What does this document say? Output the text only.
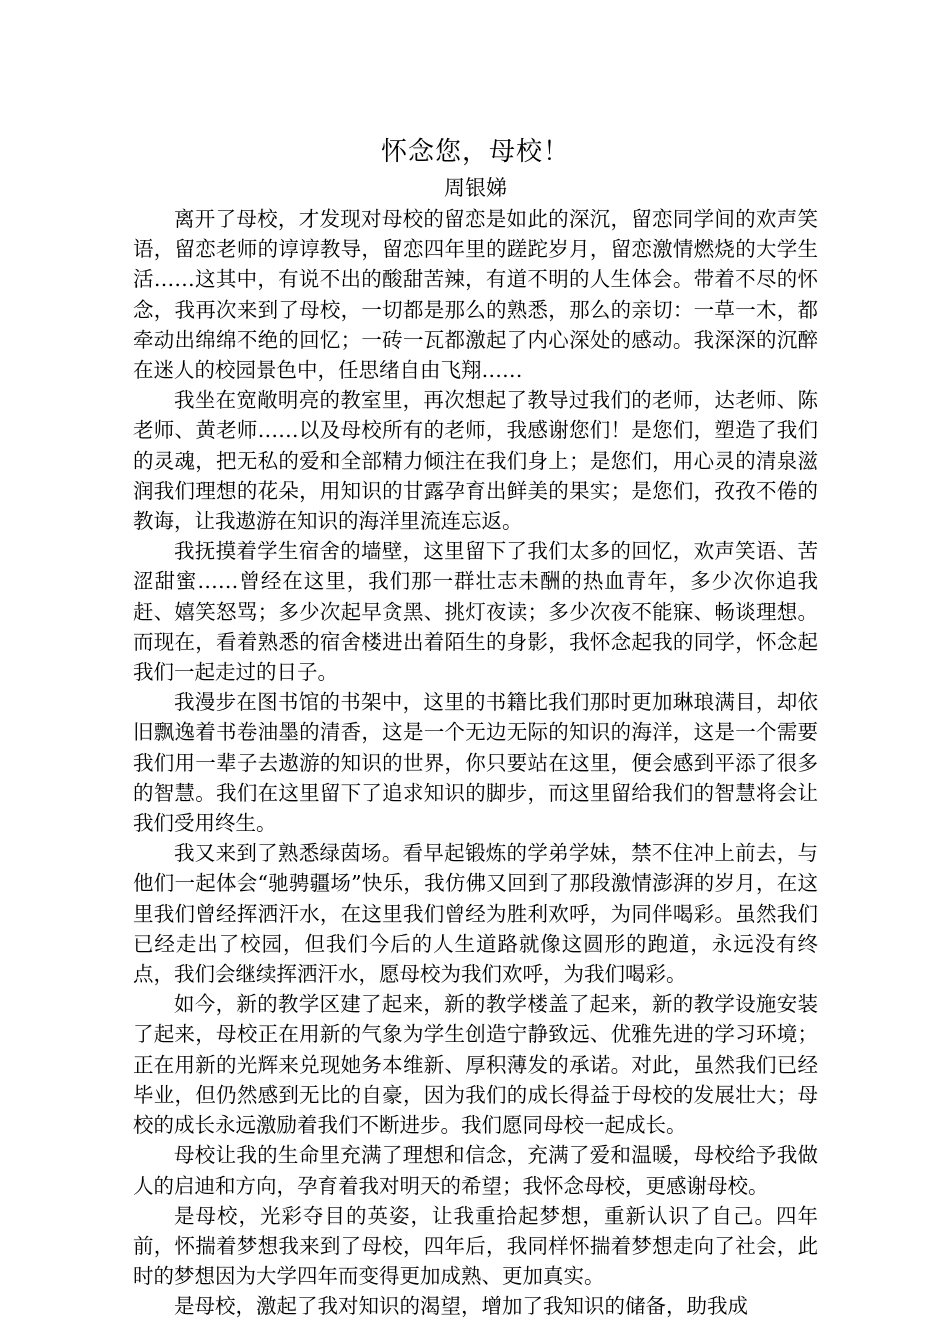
怀念您，母校！
周银娣

离开了母校，才发现对母校的留恋是如此的深沉，留恋同学间的欢声笑语，留恋老师的谆谆教导，留恋四年里的蹉跎岁月，留恋激情燃烧的大学生活……这其中，有说不出的酸甜苦辣，有道不明的人生体会。带着不尽的怀念，我再次来到了母校，一切都是那么的熟悉，那么的亲切：一草一木，都牵动出绵绵不绝的回忆；一砖一瓦都激起了内心深处的感动。我深深的沉醉在迷人的校园景色中，任思绪自由飞翔……

我坐在宽敞明亮的教室里，再次想起了教导过我们的老师，达老师、陈老师、黄老师……以及母校所有的老师，我感谢您们！是您们，塑造了我们的灵魂，把无私的爱和全部精力倾注在我们身上；是您们，用心灵的清泉滋润我们理想的花朵，用知识的甘露孕育出鲜美的果实；是您们，孜孜不倦的教诲，让我遨游在知识的海洋里流连忘返。

我抚摸着学生宿舍的墙壁，这里留下了我们太多的回忆，欢声笑语、苦涩甜蜜……曾经在这里，我们那一群壮志未酬的热血青年，多少次你追我赶、嬉笑怒骂；多少次起早贪黑、挑灯夜读；多少次夜不能寐、畅谈理想。而现在，看着熟悉的宿舍楼进出着陌生的身影，我怀念起我的同学，怀念起我们一起走过的日子。

我漫步在图书馆的书架中，这里的书籍比我们那时更加琳琅满目，却依旧飘逸着书卷油墨的清香，这是一个无边无际的知识的海洋，这是一个需要我们用一辈子去遨游的知识的世界，你只要站在这里，便会感到平添了很多的智慧。我们在这里留下了追求知识的脚步，而这里留给我们的智慧将会让我们受用终生。

我又来到了熟悉绿茵场。看早起锻炼的学弟学妹，禁不住冲上前去，与他们一起体会“驰骋疆场”快乐，我仿佛又回到了那段激情澎湃的岁月，在这里我们曾经挥洒汗水，在这里我们曾经为胜利欢呼，为同伴喝彩。虽然我们已经走出了校园，但我们今后的人生道路就像这圆形的跑道，永远没有终点，我们会继续挥洒汗水，愿母校为我们欢呼，为我们喝彩。

如今，新的教学区建了起来，新的教学楼盖了起来，新的教学设施安装了起来，母校正在用新的气象为学生创造宁静致远、优雅先进的学习环境；正在用新的光辉来兑现她务本维新、厚积薄发的承诺。对此，虽然我们已经毕业，但仍然感到无比的自豪，因为我们的成长得益于母校的发展壮大；母校的成长永远激励着我们不断进步。我们愿同母校一起成长。

母校让我的生命里充满了理想和信念，充满了爱和温暖，母校给予我做人的启迪和方向，孕育着我对明天的希望；我怀念母校，更感谢母校。

是母校，光彩夺目的英姿，让我重拾起梦想，重新认识了自己。四年前，怀揣着梦想我来到了母校，四年后，我同样怀揣着梦想走向了社会，此时的梦想因为大学四年而变得更加成熟、更加真实。

是母校，激起了我对知识的渴望，增加了我知识的储备，助我成
